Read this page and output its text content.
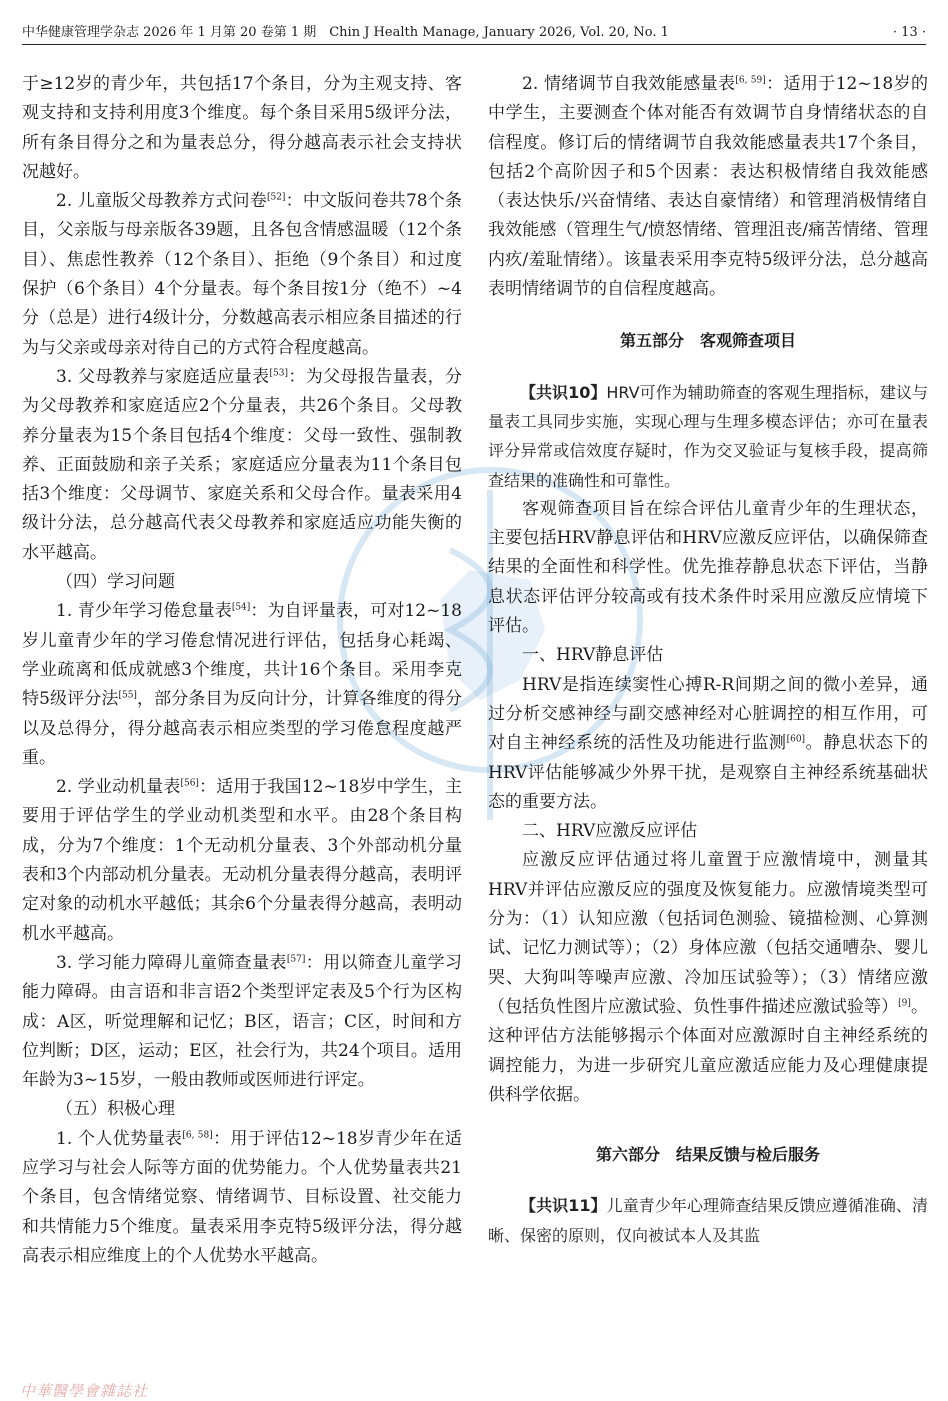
中华健康管理学杂志 2026 年 1 月第 20 卷第 1 期　Chin J Health Manage, January 2026, Vol. 20, No. 1	· 13 ·

于≥12岁的青少年，共包括17个条目，分为主观支持、客观支持和支持利用度3个维度。每个条目采用5级评分法，所有条目得分之和为量表总分，得分越高表示社会支持状况越好。

2. 儿童版父母教养方式问卷[52]：中文版问卷共78个条目，父亲版与母亲版各39题，且各包含情感温暖（12个条目）、焦虑性教养（12个条目）、拒绝（9个条目）和过度保护（6个条目）4个分量表。每个条目按1分（绝不）~4分（总是）进行4级计分，分数越高表示相应条目描述的行为与父亲或母亲对待自己的方式符合程度越高。

3. 父母教养与家庭适应量表[53]：为父母报告量表，分为父母教养和家庭适应2个分量表，共26个条目。父母教养分量表为15个条目包括4个维度：父母一致性、强制教养、正面鼓励和亲子关系；家庭适应分量表为11个条目包括3个维度：父母调节、家庭关系和父母合作。量表采用4级计分法，总分越高代表父母教养和家庭适应功能失衡的水平越高。

（四）学习问题

1. 青少年学习倦怠量表[54]：为自评量表，可对12~18岁儿童青少年的学习倦怠情况进行评估，包括身心耗竭、学业疏离和低成就感3个维度，共计16个条目。采用李克特5级评分法[55]，部分条目为反向计分，计算各维度的得分以及总得分，得分越高表示相应类型的学习倦怠程度越严重。

2. 学业动机量表[56]：适用于我国12~18岁中学生，主要用于评估学生的学业动机类型和水平。由28个条目构成，分为7个维度：1个无动机分量表、3个外部动机分量表和3个内部动机分量表。无动机分量表得分越高，表明评定对象的动机水平越低；其余6个分量表得分越高，表明动机水平越高。

3. 学习能力障碍儿童筛查量表[57]：用以筛查儿童学习能力障碍。由言语和非言语2个类型评定表及5个行为区构成：A区，听觉理解和记忆；B区，语言；C区，时间和方位判断；D区，运动；E区，社会行为，共24个项目。适用年龄为3~15岁，一般由教师或医师进行评定。

（五）积极心理

1. 个人优势量表[6, 58]：用于评估12~18岁青少年在适应学习与社会人际等方面的优势能力。个人优势量表共21个条目，包含情绪觉察、情绪调节、目标设置、社交能力和共情能力5个维度。量表采用李克特5级评分法，得分越高表示相应维度上的个人优势水平越高。

2. 情绪调节自我效能感量表[6, 59]：适用于12~18岁的中学生，主要测查个体对能否有效调节自身情绪状态的自信程度。修订后的情绪调节自我效能感量表共17个条目，包括2个高阶因子和5个因素：表达积极情绪自我效能感（表达快乐/兴奋情绪、表达自豪情绪）和管理消极情绪自我效能感（管理生气/愤怒情绪、管理沮丧/痛苦情绪、管理内疚/羞耻情绪）。该量表采用李克特5级评分法，总分越高表明情绪调节的自信程度越高。

第五部分　客观筛查项目

【共识10】HRV可作为辅助筛查的客观生理指标，建议与量表工具同步实施，实现心理与生理多模态评估；亦可在量表评分异常或信效度存疑时，作为交叉验证与复核手段，提高筛查结果的准确性和可靠性。

客观筛查项目旨在综合评估儿童青少年的生理状态，主要包括HRV静息评估和HRV应激反应评估，以确保筛查结果的全面性和科学性。优先推荐静息状态下评估，当静息状态评估评分较高或有技术条件时采用应激反应情境下评估。

一、HRV静息评估

HRV是指连续窦性心搏R-R间期之间的微小差异，通过分析交感神经与副交感神经对心脏调控的相互作用，可对自主神经系统的活性及功能进行监测[60]。静息状态下的HRV评估能够减少外界干扰，是观察自主神经系统基础状态的重要方法。

二、HRV应激反应评估

应激反应评估通过将儿童置于应激情境中，测量其HRV并评估应激反应的强度及恢复能力。应激情境类型可分为：（1）认知应激（包括词色测验、镜描检测、心算测试、记忆力测试等）；（2）身体应激（包括交通嘈杂、婴儿哭、大狗叫等噪声应激、冷加压试验等）；（3）情绪应激（包括负性图片应激试验、负性事件描述应激试验等）[9]。这种评估方法能够揭示个体面对应激源时自主神经系统的调控能力，为进一步研究儿童应激适应能力及心理健康提供科学依据。

第六部分　结果反馈与检后服务

【共识11】儿童青少年心理筛查结果反馈应遵循准确、清晰、保密的原则，仅向被试本人及其监

中華醫學會雜誌社
